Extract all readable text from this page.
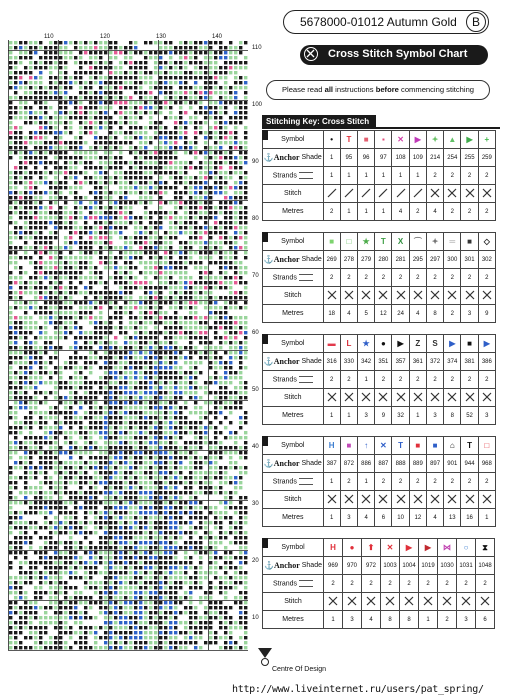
110	120	130	140
110
100
90
80
70
60
50
40
30
20
10
5678000-01012 Autumn Gold	B
Cross Stitch Symbol Chart
Please read all instructions before commencing stitching
Stitching Key: Cross Stitch
Symbol	•	T	■	▪	✕	▶	✦	▲	▶	+

⚓Anchor Shade	1	95	96	97	108	109	214	254	255	259
Strands	1	1	1	1	1	1	2	2	2	2
Stitch										
Metres	2	1	1	1	4	2	4	2	2	2
Symbol	■	□	★	T	X	⌒	✦	═	■	◇

⚓Anchor Shade	269	278	279	280	281	295	297	300	301	302
Strands	2	2	2	2	2	2	2	2	2	2
Stitch										
Metres	18	4	5	12	24	4	8	2	3	9
Symbol	▬	L	★	●	▶	Z	S	▶	■	▶

⚓Anchor Shade	316	330	342	351	357	361	372	374	381	386
Strands	2	2	1	2	2	2	2	2	2	2
Stitch										
Metres	1	1	3	9	32	1	3	8	52	3
Symbol	H	■	↑	✕	T	■	■	⌂	T	□

⚓Anchor Shade	387	872	886	887	888	889	897	901	944	968
Strands	1	2	1	2	2	2	2	2	2	2
Stitch										
Metres	1	3	4	6	10	12	4	13	16	1
Symbol	H	●	⬆	✕	▶	▶	⋈	○	⧗

⚓Anchor Shade	969	970	972	1003	1004	1019	1030	1031	1048
Strands	2	2	2	2	2	2	2	2	2
Stitch									
Metres	1	3	4	8	8	1	2	3	6
Centre Of Design
http://www.liveinternet.ru/users/pat_spring/
